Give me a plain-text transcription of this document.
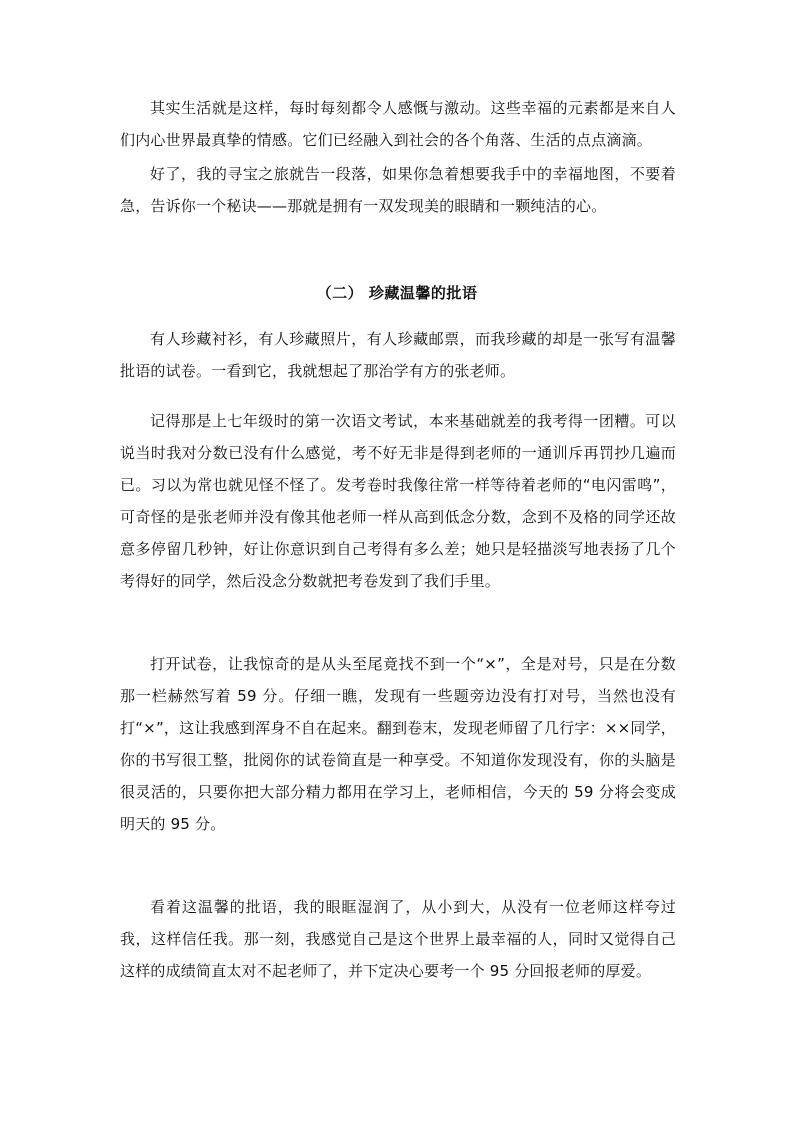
其实生活就是这样，每时每刻都令人感慨与激动。这些幸福的元素都是来自人们内心世界最真挚的情感。它们已经融入到社会的各个角落、生活的点点滴滴。

好了，我的寻宝之旅就告一段落，如果你急着想要我手中的幸福地图，不要着急，告诉你一个秘诀——那就是拥有一双发现美的眼睛和一颗纯洁的心。

（二） 珍藏温馨的批语

有人珍藏衬衫，有人珍藏照片，有人珍藏邮票，而我珍藏的却是一张写有温馨批语的试卷。一看到它，我就想起了那治学有方的张老师。

记得那是上七年级时的第一次语文考试，本来基础就差的我考得一团糟。可以说当时我对分数已没有什么感觉，考不好无非是得到老师的一通训斥再罚抄几遍而已。习以为常也就见怪不怪了。发考卷时我像往常一样等待着老师的“电闪雷鸣”，可奇怪的是张老师并没有像其他老师一样从高到低念分数，念到不及格的同学还故意多停留几秒钟，好让你意识到自己考得有多么差；她只是轻描淡写地表扬了几个考得好的同学，然后没念分数就把考卷发到了我们手里。

打开试卷，让我惊奇的是从头至尾竟找不到一个“×”，全是对号，只是在分数那一栏赫然写着 59 分。仔细一瞧，发现有一些题旁边没有打对号，当然也没有打“×”，这让我感到浑身不自在起来。翻到卷末，发现老师留了几行字：××同学，你的书写很工整，批阅你的试卷简直是一种享受。不知道你发现没有，你的头脑是很灵活的，只要你把大部分精力都用在学习上，老师相信，今天的 59 分将会变成明天的 95 分。

看着这温馨的批语，我的眼眶湿润了，从小到大，从没有一位老师这样夸过我，这样信任我。那一刻，我感觉自己是这个世界上最幸福的人，同时又觉得自己这样的成绩简直太对不起老师了，并下定决心要考一个 95 分回报老师的厚爱。
